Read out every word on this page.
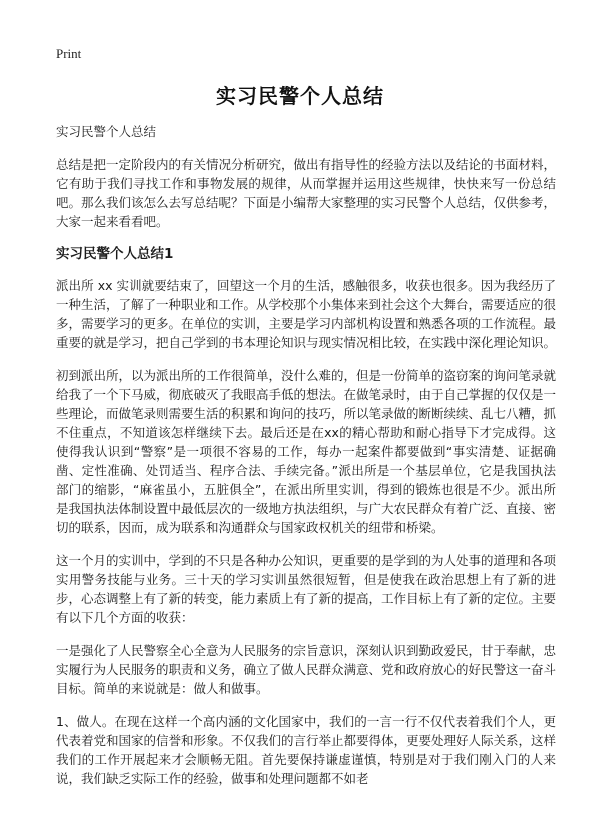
Print
实习民警个人总结

实习民警个人总结

总结是把一定阶段内的有关情况分析研究，做出有指导性的经验方法以及结论的书面材料，它有助于我们寻找工作和事物发展的规律，从而掌握并运用这些规律，快快来写一份总结吧。那么我们该怎么去写总结呢？下面是小编帮大家整理的实习民警个人总结，仅供参考，大家一起来看看吧。

实习民警个人总结1

派出所 xx 实训就要结束了，回望这一个月的生活，感触很多，收获也很多。因为我经历了一种生活，了解了一种职业和工作。从学校那个小集体来到社会这个大舞台，需要适应的很多，需要学习的更多。在单位的实训，主要是学习内部机构设置和熟悉各项的工作流程。最重要的就是学习，把自己学到的书本理论知识与现实情况相比较，在实践中深化理论知识。

初到派出所，以为派出所的工作很简单，没什么难的，但是一份简单的盗窃案的询问笔录就给我了一个下马威，彻底破灭了我眼高手低的想法。在做笔录时，由于自己掌握的仅仅是一些理论，而做笔录则需要生活的积累和询问的技巧，所以笔录做的断断续续、乱七八糟，抓不住重点，不知道该怎样继续下去。最后还是在xx的精心帮助和耐心指导下才完成得。这使得我认识到“警察”是一项很不容易的工作，每办一起案件都要做到“事实清楚、证据确凿、定性准确、处罚适当、程序合法、手续完备。”派出所是一个基层单位，它是我国执法部门的缩影，“麻雀虽小，五脏俱全”，在派出所里实训，得到的锻炼也很是不少。派出所是我国执法体制设置中最低层次的一级地方执法组织，与广大农民群众有着广泛、直接、密切的联系，因而，成为联系和沟通群众与国家政权机关的纽带和桥梁。

这一个月的实训中，学到的不只是各种办公知识，更重要的是学到的为人处事的道理和各项实用警务技能与业务。三十天的学习实训虽然很短暂，但是使我在政治思想上有了新的进步，心态调整上有了新的转变，能力素质上有了新的提高，工作目标上有了新的定位。主要有以下几个方面的收获：

一是强化了人民警察全心全意为人民服务的宗旨意识，深刻认识到勤政爱民，甘于奉献，忠实履行为人民服务的职责和义务，确立了做人民群众满意、党和政府放心的好民警这一奋斗目标。简单的来说就是：做人和做事。

1、做人。在现在这样一个高内涵的文化国家中，我们的一言一行不仅代表着我们个人，更代表着党和国家的信誉和形象。不仅我们的言行举止都要得体，更要处理好人际关系，这样我们的工作开展起来才会顺畅无阻。首先要保持谦虚谨慎，特别是对于我们刚入门的人来说，我们缺乏实际工作的经验，做事和处理问题都不如老
